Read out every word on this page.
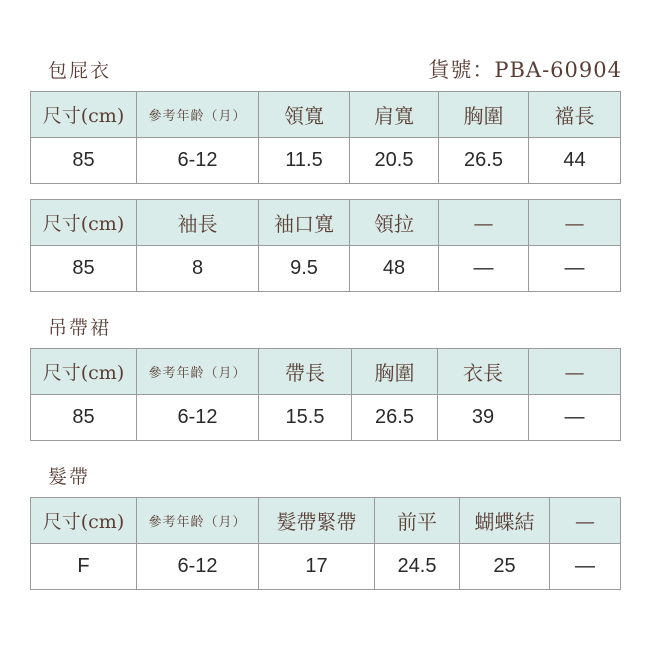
包屁衣	貨號：PBA-60904
尺寸(cm)	參考年齡（月）	領寬	肩寬	胸圍	襠長
85	6-12	11.5	20.5	26.5	44
尺寸(cm)	袖長	袖口寬	領拉	—	—
85	8	9.5	48	—	—
吊帶裙
尺寸(cm)	參考年齡（月）	帶長	胸圍	衣長	—
85	6-12	15.5	26.5	39	—
髮帶
尺寸(cm)	參考年齡（月）	髮帶緊帶	前平	蝴蝶結	—
F	6-12	17	24.5	25	—
